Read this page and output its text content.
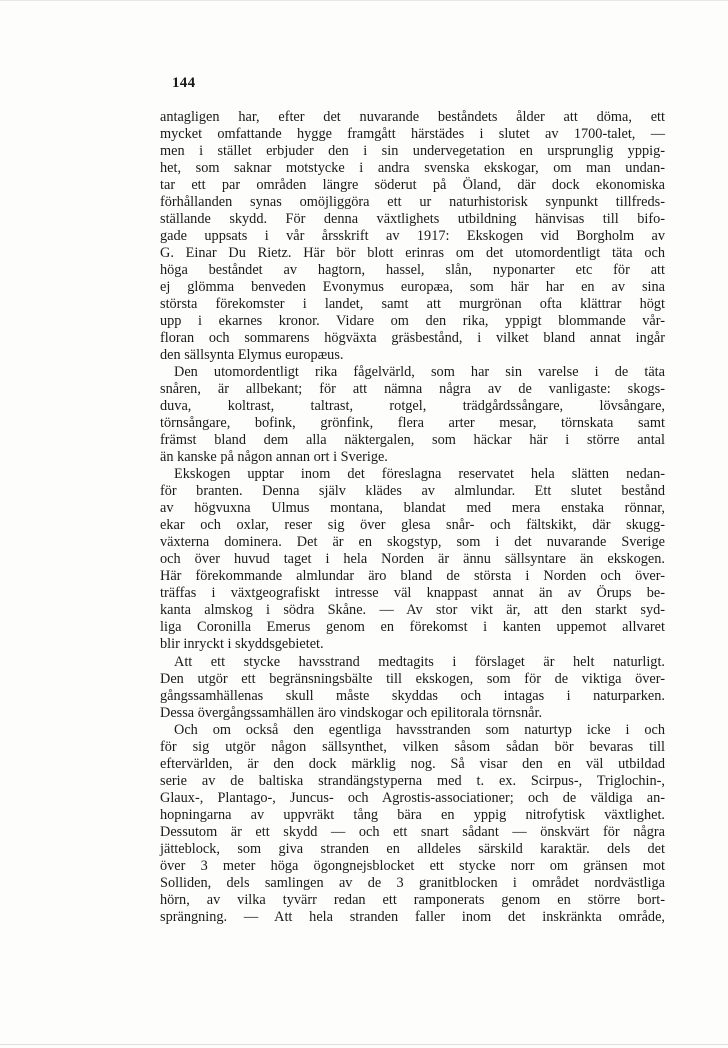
144
antagligen har, efter det nuvarande beståndets ålder att döma, ett
mycket omfattande hygge framgått härstädes i slutet av 1700-talet, —
men i stället erbjuder den i sin undervegetation en ursprunglig yppig-
het, som saknar motstycke i andra svenska ekskogar, om man undan-
tar ett par områden längre söderut på Öland, där dock ekonomiska
förhållanden synas omöjliggöra ett ur naturhistorisk synpunkt tillfreds-
ställande skydd. För denna växtlighets utbildning hänvisas till bifo-
gade uppsats i vår årsskrift av 1917: Ekskogen vid Borgholm av
G. Einar Du Rietz. Här bör blott erinras om det utomordentligt täta och
höga beståndet av hagtorn, hassel, slån, nyponarter etc för att
ej glömma benveden Evonymus europæa, som här har en av sina
största förekomster i landet, samt att murgrönan ofta klättrar högt
upp i ekarnes kronor. Vidare om den rika, yppigt blommande vår-
floran och sommarens högväxta gräsbestånd, i vilket bland annat ingår
den sällsynta Elymus europæus.
Den utomordentligt rika fågelvärld, som har sin varelse i de täta
snåren, är allbekant; för att nämna några av de vanligaste: skogs-
duva, koltrast, taltrast, rotgel, trädgårdssångare, lövsångare,
törnsångare, bofink, grönfink, flera arter mesar, törnskata samt
främst bland dem alla näktergalen, som häckar här i större antal
än kanske på någon annan ort i Sverige.
Ekskogen upptar inom det föreslagna reservatet hela slätten nedan-
för branten. Denna själv klädes av almlundar. Ett slutet bestånd
av högvuxna Ulmus montana, blandat med mera enstaka rönnar,
ekar och oxlar, reser sig över glesa snår- och fältskikt, där skugg-
växterna dominera. Det är en skogstyp, som i det nuvarande Sverige
och över huvud taget i hela Norden är ännu sällsyntare än ekskogen.
Här förekommande almlundar äro bland de största i Norden och över-
träffas i växtgeografiskt intresse väl knappast annat än av Örups be-
kanta almskog i södra Skåne. — Av stor vikt är, att den starkt syd-
liga Coronilla Emerus genom en förekomst i kanten uppemot allvaret
blir inryckt i skyddsgebietet.
Att ett stycke havsstrand medtagits i förslaget är helt naturligt.
Den utgör ett begränsningsbälte till ekskogen, som för de viktiga över-
gångssamhällenas skull måste skyddas och intagas i naturparken.
Dessa övergångssamhällen äro vindskogar och epilitorala törnsnår.
Och om också den egentliga havsstranden som naturtyp icke i och
för sig utgör någon sällsynthet, vilken såsom sådan bör bevaras till
eftervärlden, är den dock märklig nog. Så visar den en väl utbildad
serie av de baltiska strandängstyperna med t. ex. Scirpus-, Triglochin-,
Glaux-, Plantago-, Juncus- och Agrostis-associationer; och de väldiga an-
hopningarna av uppvräkt tång bära en yppig nitrofytisk växtlighet.
Dessutom är ett skydd — och ett snart sådant — önskvärt för några
jätteblock, som giva stranden en alldeles särskild karaktär. dels det
över 3 meter höga ögongnejsblocket ett stycke norr om gränsen mot
Solliden, dels samlingen av de 3 granitblocken i området nordvästliga
hörn, av vilka tyvärr redan ett ramponerats genom en större bort-
sprängning. — Att hela stranden faller inom det inskränkta område,
